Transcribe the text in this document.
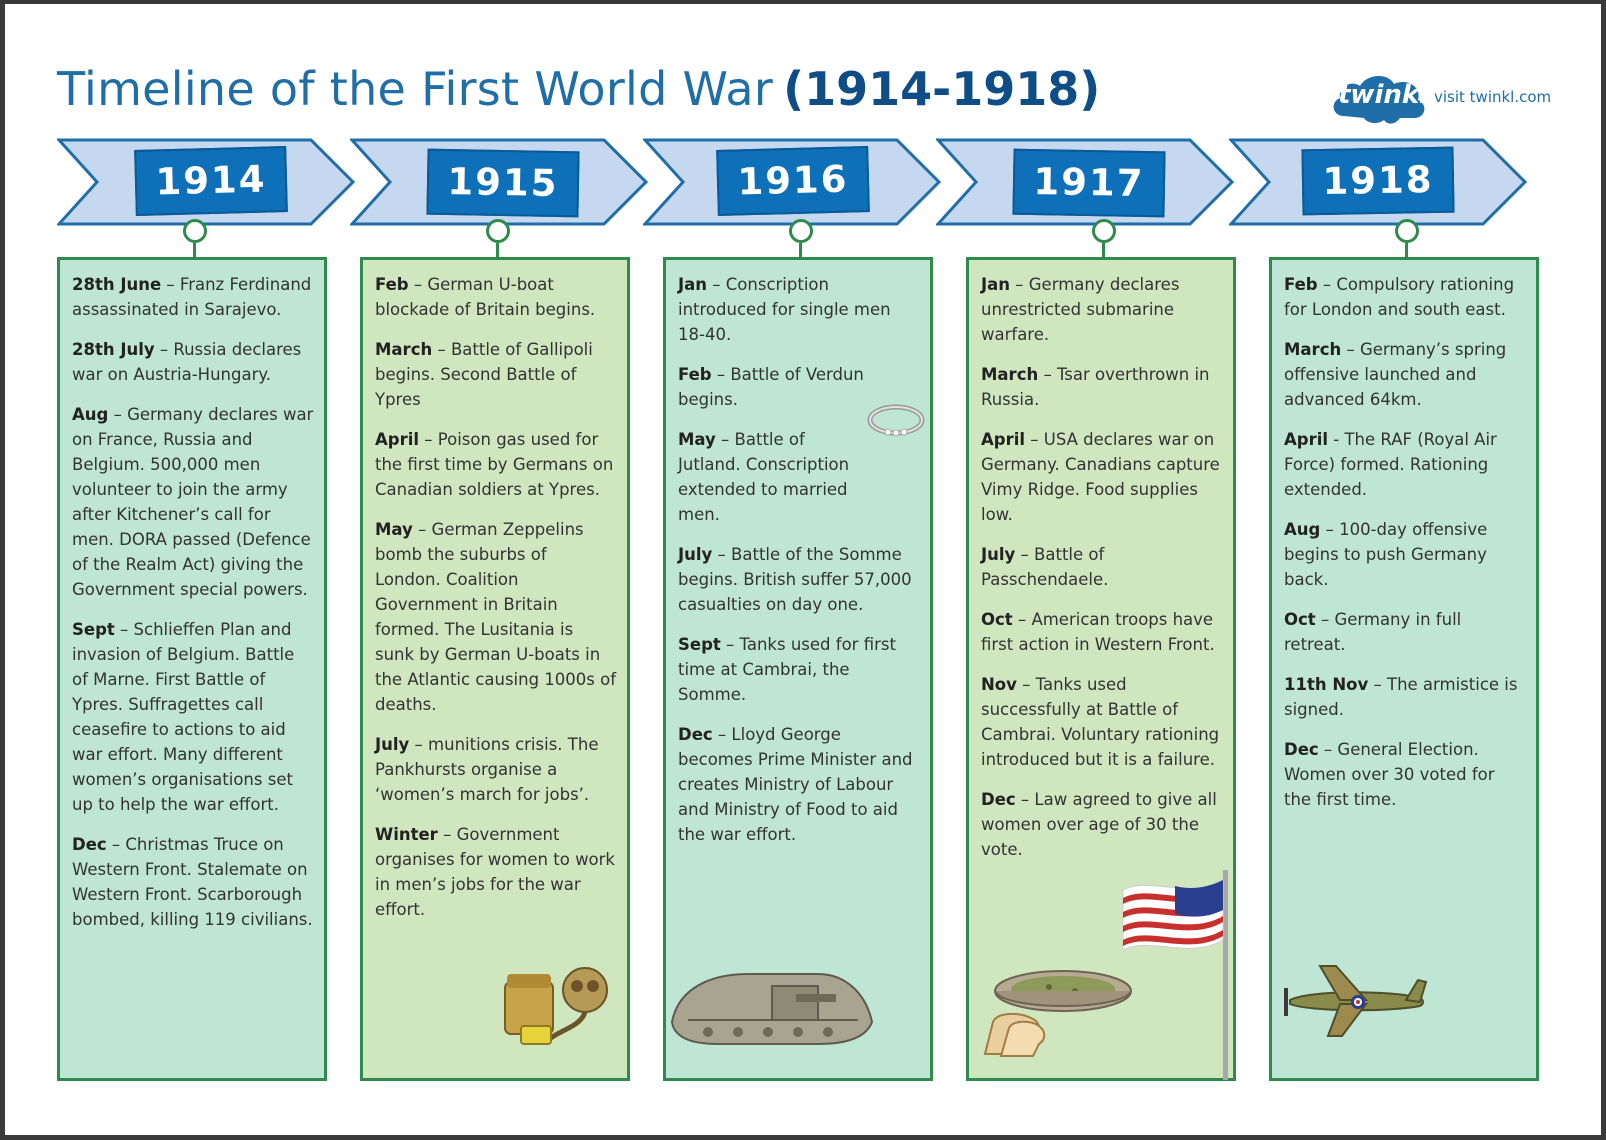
Timeline of the First World War (1914-1918)	twinkl visit twinkl.com
1914	1915	1916	1917	1918

28th June – Franz Ferdinand assassinated in Sarajevo.

28th July – Russia declares war on Austria-Hungary.

Aug – Germany declares war on France, Russia and Belgium. 500,000 men volunteer to join the army after Kitchener’s call for men. DORA passed (Defence of the Realm Act) giving the Government special powers.

Sept – Schlieffen Plan and invasion of Belgium. Battle of Marne. First Battle of Ypres. Suffragettes call ceasefire to actions to aid war effort. Many different women’s organisations set up to help the war effort.

Dec – Christmas Truce on Western Front. Stalemate on Western Front. Scarborough bombed, killing 119 civilians.

Feb – German U-boat blockade of Britain begins.

March – Battle of Gallipoli begins. Second Battle of Ypres

April – Poison gas used for the first time by Germans on Canadian soldiers at Ypres.

May – German Zeppelins bomb the suburbs of London. Coalition Government in Britain formed. The Lusitania is sunk by German U-boats in the Atlantic causing 1000s of deaths.

July – munitions crisis. The Pankhursts organise a ‘women’s march for jobs’.

Winter – Government organises for women to work in men’s jobs for the war effort.

Jan – Conscription introduced for single men 18-40.

Feb – Battle of Verdun begins.

May – Battle of Jutland. Conscription extended to married men.

July – Battle of the Somme begins. British suffer 57,000 casualties on day one.

Sept – Tanks used for first time at Cambrai, the Somme.

Dec – Lloyd George becomes Prime Minister and creates Ministry of Labour and Ministry of Food to aid the war effort.

Jan – Germany declares unrestricted submarine warfare.

March – Tsar overthrown in Russia.

April – USA declares war on Germany. Canadians capture Vimy Ridge. Food supplies low.

July – Battle of Passchendaele.

Oct – American troops have first action in Western Front.

Nov – Tanks used successfully at Battle of Cambrai. Voluntary rationing introduced but it is a failure.

Dec – Law agreed to give all women over age of 30 the vote.

Feb – Compulsory rationing for London and south east.

March – Germany’s spring offensive launched and advanced 64km.

April - The RAF (Royal Air Force) formed. Rationing extended.

Aug – 100-day offensive begins to push Germany back.

Oct – Germany in full retreat.

11th Nov – The armistice is signed.

Dec – General Election. Women over 30 voted for the first time.
